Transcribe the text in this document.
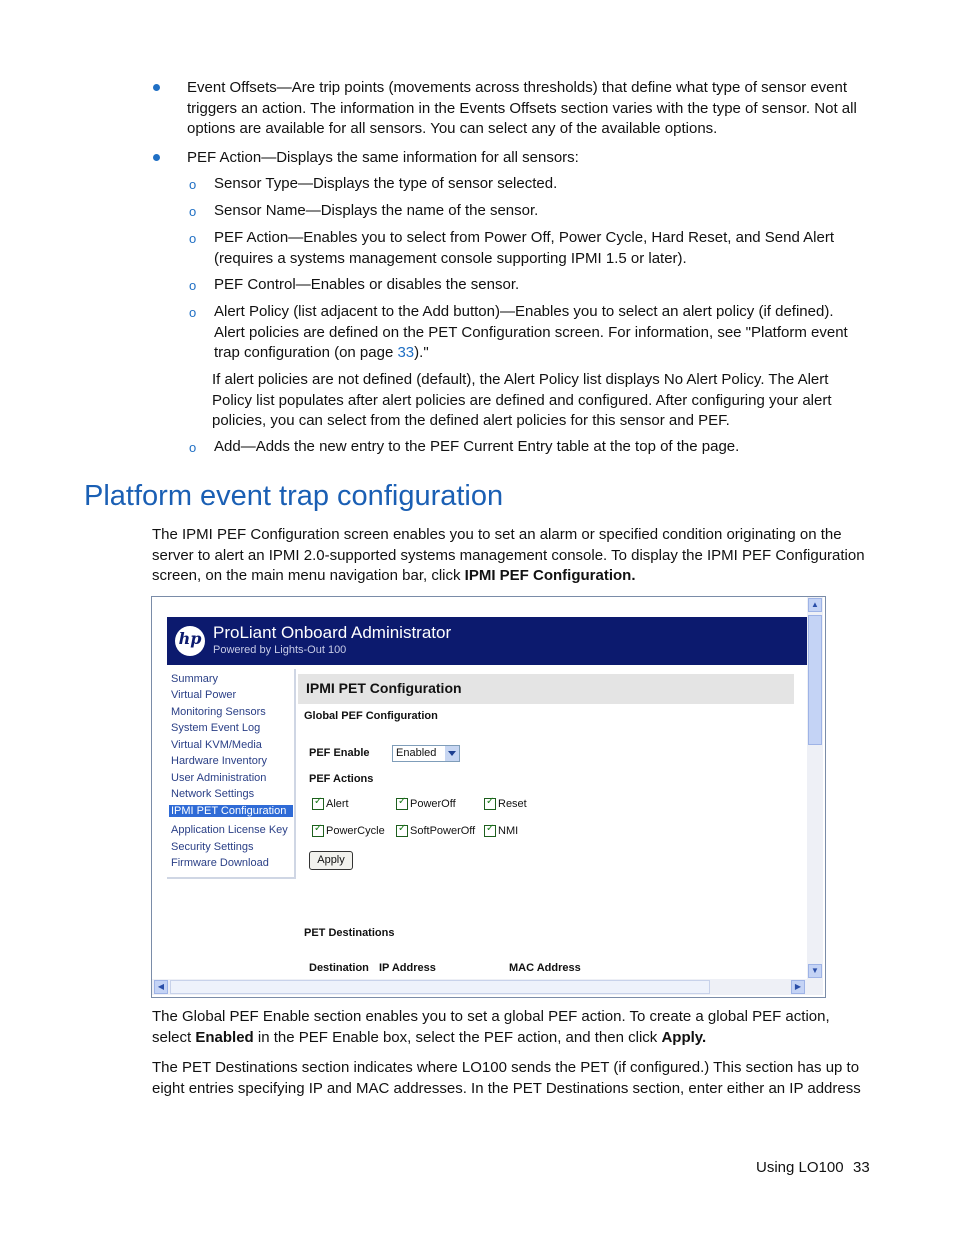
Event Offsets—Are trip points (movements across thresholds) that define what type of sensor event
triggers an action. The information in the Events Offsets section varies with the type of sensor. Not all
options are available for all sensors. You can select any of the available options.
PEF Action—Displays the same information for all sensors:
o Sensor Type—Displays the type of sensor selected.
o Sensor Name—Displays the name of the sensor.
o PEF Action—Enables you to select from Power Off, Power Cycle, Hard Reset, and Send Alert
(requires a systems management console supporting IPMI 1.5 or later).
o PEF Control—Enables or disables the sensor.
o Alert Policy (list adjacent to the Add button)—Enables you to select an alert policy (if defined).
Alert policies are defined on the PET Configuration screen. For information, see "Platform event
trap configuration (on page 33)."
If alert policies are not defined (default), the Alert Policy list displays No Alert Policy. The Alert
Policy list populates after alert policies are defined and configured. After configuring your alert
policies, you can select from the defined alert policies for this sensor and PEF.
o Add—Adds the new entry to the PEF Current Entry table at the top of the page.
Platform event trap configuration
The IPMI PEF Configuration screen enables you to set an alarm or specified condition originating on the
server to alert an IPMI 2.0-supported systems management console. To display the IPMI PEF Configuration
screen, on the main menu navigation bar, click IPMI PEF Configuration.
hp ProLiant Onboard Administrator
Powered by Lights-Out 100
Summary
Virtual Power
Monitoring Sensors
System Event Log
Virtual KVM/Media
Hardware Inventory
User Administration
Network Settings
IPMI PET Configuration
Application License Key
Security Settings
Firmware Download
IPMI PET Configuration
Global PEF Configuration
PEF Enable Enabled
PEF Actions
✓
Alert ✓	PowerOff ✓	Reset
✓
PowerCycle ✓ SoftPowerOff ✓ NMI
Apply
PET Destinations
Destination IP Address	MAC Address
▲
▼
◀	▶
The Global PEF Enable section enables you to set a global PEF action. To create a global PEF action,
select Enabled in the PEF Enable box, select the PEF action, and then click Apply.
The PET Destinations section indicates where LO100 sends the PET (if configured.) This section has up to
eight entries specifying IP and MAC addresses. In the PET Destinations section, enter either an IP address
Using LO100 33
